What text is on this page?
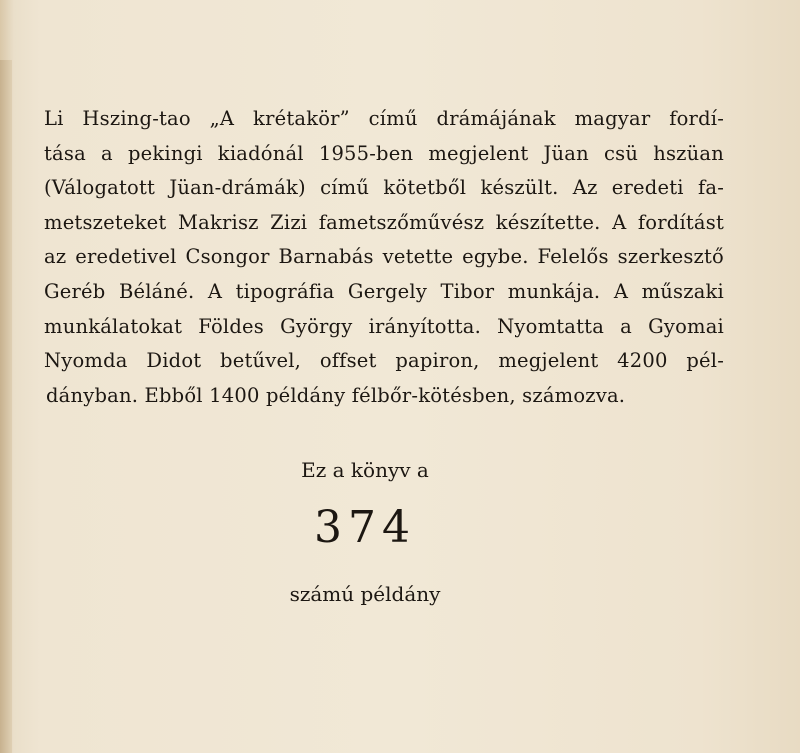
Li Hszing-tao „A krétakör” című drámájának magyar fordí-
tása a pekingi kiadónál 1955-ben megjelent Jüan csü hszüan
(Válogatott Jüan-drámák) című kötetből készült. Az eredeti fa-
metszeteket Makrisz Zizi fametszőművész készítette. A fordítást
az eredetivel Csongor Barnabás vetette egybe. Felelős szerkesztő
Geréb Béláné. A tipográfia Gergely Tibor munkája. A műszaki
munkálatokat Földes György irányította. Nyomtatta a Gyomai
Nyomda Didot betűvel, offset papiron, megjelent 4200 pél-
dányban. Ebből 1400 példány félbőr-kötésben, számozva.
Ez a könyv a
374
számú példány
